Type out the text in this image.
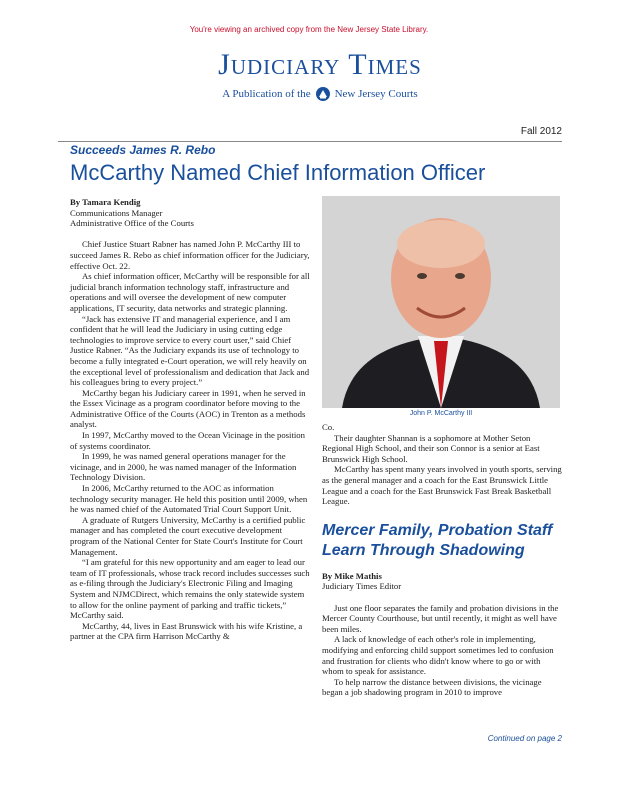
You're viewing an archived copy from the New Jersey State Library.
Judiciary Times
A Publication of the New Jersey Courts
Fall 2012
Succeeds James R. Rebo
McCarthy Named Chief Information Officer
By Tamara Kendig
Communications Manager
Administrative Office of the Courts

Chief Justice Stuart Rabner has named John P. McCarthy III to succeed James R. Rebo as chief information officer for the Judiciary, effective Oct. 22.

As chief information officer, McCarthy will be responsible for all judicial branch information technology staff, infrastructure and operations and will oversee the development of new computer applications, IT security, data networks and strategic planning.

“Jack has extensive IT and managerial experience, and I am confident that he will lead the Judiciary in using cutting edge technologies to improve service to every court user,” said Chief Justice Rabner. “As the Judiciary expands its use of technology to become a fully integrated e-Court operation, we will rely heavily on the exceptional level of professionalism and dedication that Jack and his colleagues bring to every project.”

McCarthy began his Judiciary career in 1991, when he served in the Essex Vicinage as a program coordinator before moving to the Administrative Office of the Courts (AOC) in Trenton as a methods analyst.

In 1997, McCarthy moved to the Ocean Vicinage in the position of systems coordinator.

In 1999, he was named general operations manager for the vicinage, and in 2000, he was named manager of the Information Technology Division.

In 2006, McCarthy returned to the AOC as information technology security manager. He held this position until 2009, when he was named chief of the Automated Trial Court Support Unit.

A graduate of Rutgers University, McCarthy is a certified public manager and has completed the court executive development program of the National Center for State Court's Institute for Court Management.

“I am grateful for this new opportunity and am eager to lead our team of IT professionals, whose track record includes successes such as e-filing through the Judiciary's Electronic Filing and Imaging System and NJMCDirect, which remains the only statewide system to allow for the online payment of parking and traffic tickets,” McCarthy said.

McCarthy, 44, lives in East Brunswick with his wife Kristine, a partner at the CPA firm Harrison McCarthy &

John P. McCarthy III

Co.

Their daughter Shannan is a sophomore at Mother Seton Regional High School, and their son Connor is a senior at East Brunswick High School.

McCarthy has spent many years involved in youth sports, serving as the general manager and a coach for the East Brunswick Little League and a coach for the East Brunswick Fast Break Basketball League.

Mercer Family, Probation Staff Learn Through Shadowing
By Mike Mathis
Judiciary Times Editor

Just one floor separates the family and probation divisions in the Mercer County Courthouse, but until recently, it might as well have been miles.

A lack of knowledge of each other's role in implementing, modifying and enforcing child support sometimes led to confusion and frustration for clients who didn't know where to go or with whom to speak for assistance.

To help narrow the distance between divisions, the vicinage began a job shadowing program in 2010 to improve

Continued on page 2
